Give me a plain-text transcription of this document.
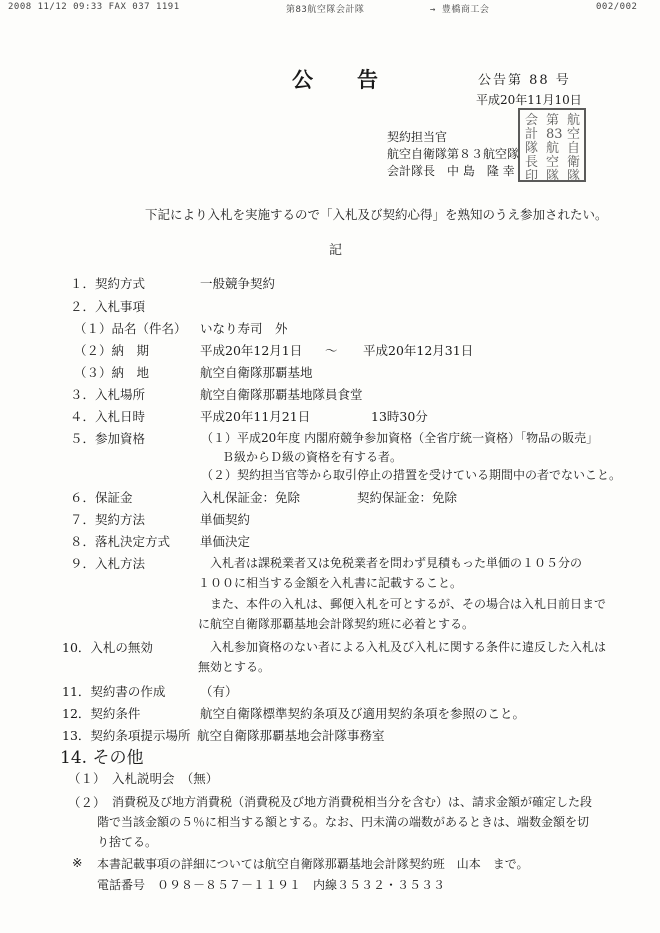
2008 11/12 09:33 FAX 037 1191	第83航空隊会計隊	→ 豊橋商工会	002/002
公告	公告第 88 号
平成20年11月10日
契約担当官
航空自衛隊第８３航空隊
会計隊長　中 島　隆 幸
会計隊長印
第83航空隊
航空自衛隊
下記により入札を実施するので「入札及び契約心得」を熟知のうえ参加されたい。
記
１．契約方式	一般競争契約
２．入札事項
（１）品名（件名） いなり寿司　外
（２）納　期	平成20年12月1日 ～ 平成20年12月31日
（３）納　地	航空自衛隊那覇基地
３．入札場所	航空自衛隊那覇基地隊員食堂
４．入札日時	平成20年11月21日	13時30分
５．参加資格	（１）平成20年度 内閣府競争参加資格（全省庁統一資格）「物品の販売」
Ｂ級からＤ級の資格を有する者。
（２）契約担当官等から取引停止の措置を受けている期間中の者でないこと。
６．保証金	入札保証金：免除	契約保証金：免除
７．契約方法	単価契約
８．落札決定方式 単価決定
９．入札方法	入札者は課税業者又は免税業者を問わず見積もった単価の１０５分の
１００に相当する金額を入札書に記載すること。
また、本件の入札は、郵便入札を可とするが、その場合は入札日前日まで
に航空自衛隊那覇基地会計隊契約班に必着とする。
10．入札の無効	入札参加資格のない者による入札及び入札に関する条件に違反した入札は
無効とする。
11．契約書の作成	（有）
12．契約条件	航空自衛隊標準契約条項及び適用契約条項を参照のこと。
13．契約条項提示場所 航空自衛隊那覇基地会計隊事務室
14. その他
（１） 入札説明会　（無）
（２） 消費税及び地方消費税（消費税及び地方消費税相当分を含む）は、請求金額が確定した段
階で当該金額の５％に相当する額とする。なお、円未満の端数があるときは、端数金額を切
り捨てる。
※ 本書記載事項の詳細については航空自衛隊那覇基地会計隊契約班　山本　まで。
電話番号　０９８－８５７－１１９１　内線３５３２・３５３３
